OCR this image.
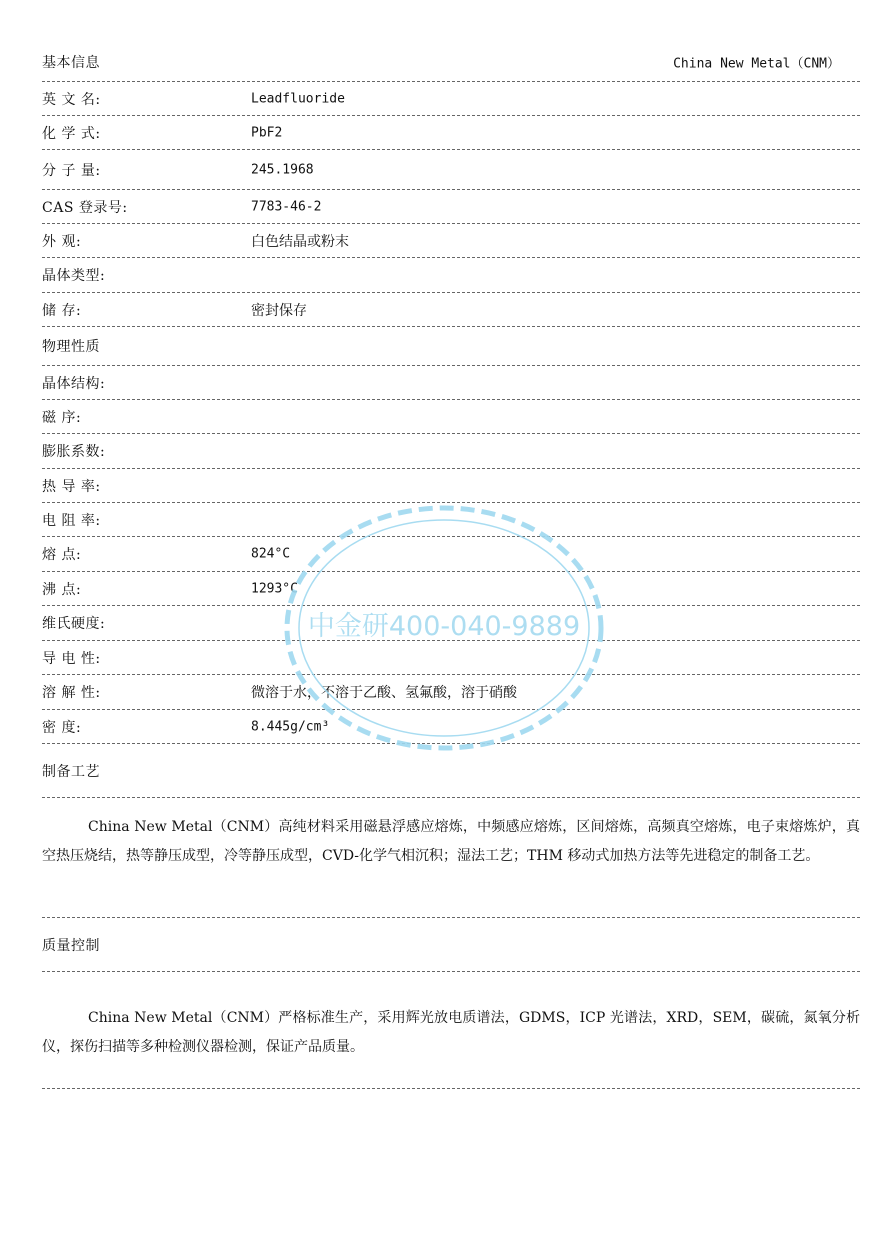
基本信息	China New Metal（CNM）
英 文 名:	Leadfluoride
化 学 式:	PbF2
分 子 量:	245.1968
CAS 登录号:	7783-46-2
外 观:	白色结晶或粉末
晶体类型:
储 存:	密封保存
物理性质
晶体结构:
磁 序:
膨胀系数:
热 导 率:
电 阻 率:
熔 点:	824°C
沸 点:	1293°C
维氏硬度:
导 电 性:
溶 解 性:	微溶于水，不溶于乙酸、氢氟酸，溶于硝酸
密 度:	8.445g/cm³
制备工艺
China New Metal（CNM）高纯材料采用磁悬浮感应熔炼，中频感应熔炼，区间熔炼，高频真空熔炼，电子束熔炼炉，真空热压烧结，热等静压成型，冷等静压成型，CVD-化学气相沉积；湿法工艺；THM 移动式加热方法等先进稳定的制备工艺。
质量控制
China New Metal（CNM）严格标准生产，采用辉光放电质谱法，GDMS，ICP 光谱法，XRD，SEM，碳硫，氮氧分析仪，探伤扫描等多种检测仪器检测，保证产品质量。
中金研400-040-9889
